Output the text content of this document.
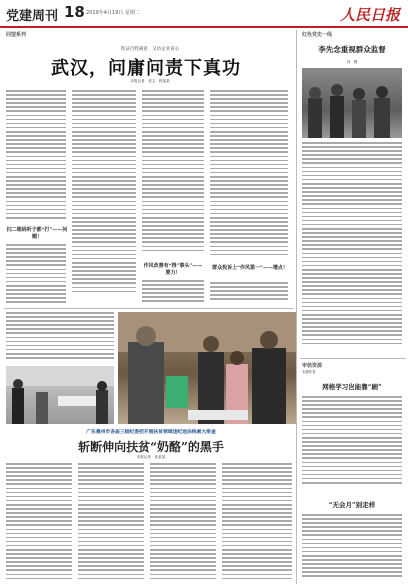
党建周刊 18 2019年4月19日 星期二	人民日报
回望系列
铁证百姓满意　又访企业省心
武汉，问庸问责下真功
本报记者　张文　程某某
扫二维码听子都“打”——问题！
作风改善有“得”事头”——要力！
群众投诉上“作风第一”——增点！
红色党史一线
李先念重视群众监督
刘　钢
审核资源
本期作者
网格学习岂能靠“刷”
“无会月”别走样
广东惠州市各届三级纪委把开展扶贫领域违纪违法线索大排查
斩断伸向扶贫“奶酪”的黑手
本报记者　张某某
